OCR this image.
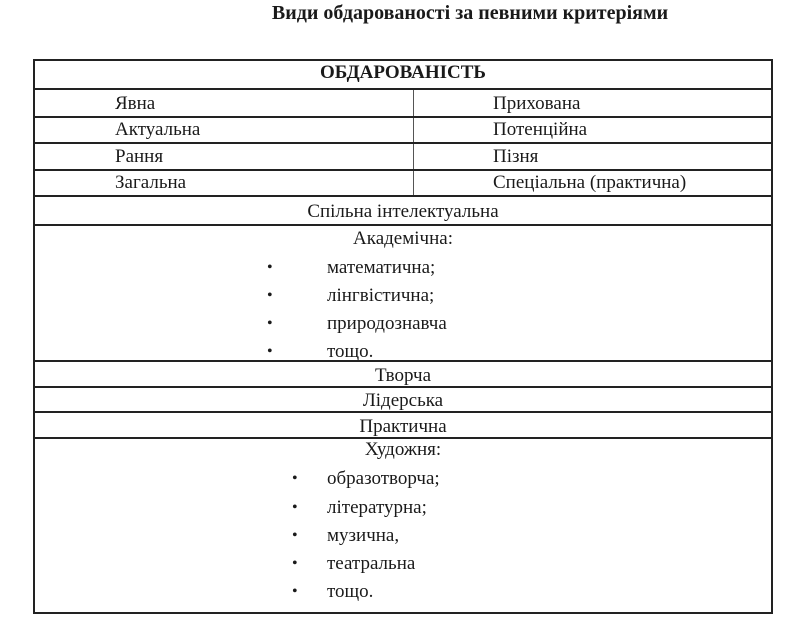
Види обдарованості за певними критеріями
ОБДАРОВАНІСТЬ
Явна	Прихована
Актуальна	Потенційна
Рання	Пізня
Загальна	Спеціальна (практична)
Спільна інтелектуальна
Академічна:
•	математична;
•	лінгвістична;
•	природознавча
•	тощо.
Творча
Лідерська
Практична
Художня:
• образотворча;
• літературна;
• музична,
• театральна
• тощо.
